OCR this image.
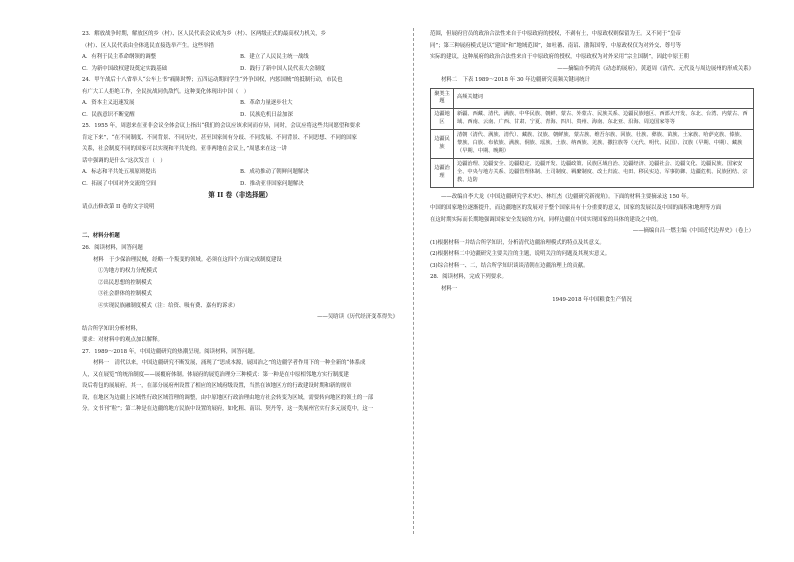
23．解放战争时期，解放区的乡（村）、区人民代表会议成为乡（村）、区两级正式的最高权力机关，乡

（村）、区人民代表由全体选民直接选举产生。这些举措

A．有利于民主革命纲领的调整	B．建立了人民民主统一战线
C．为新中国政权建设奠定实践基础	D．践行了新中国人民代表大会制度

24．甲午战后十八省举人“公车上书”痛陈时弊；五四运动期间学生“外争国权，内惩国贼”的抵制行动，市民也

有广大工人拒绝工作，全民抗战同仇敌忾。这种变化体现出中国（　）

A．资本主义迅速发展	B．革命力量逐步壮大
C．民族意识不断觉醒	D．民族危机日益加深

25．1955 年，周恩来在亚非会议全体会议上指出“我们的会议应该求同而存异，同时，会议应将这些共同愿望和要求

肯定下来”，“在不同制度、不同背景、不同历史，甚至国家间有分歧、不同发展、不同背景、不同思想、不同的国家

关系，社会制度不同的国家可以实现和平共处的。亚非两地在会议上，”周恩来在这一讲

话中强调的是什么”这次发言（　）

A．标志和平共处五项原则提出	B．成功推动了朝鲜问题解决
C．拓展了中国对外交流的空间	D．推动亚非国家问题解决
第 II 卷（非选择题）

请点击修改第 II 卷的文字说明

二、材料分析题

26．阅读材料，回答问题

材料　于少保治理民贼，经略一个叛变的领域。必须在这四个方面完成制度建设

①为地方的权力分配模式

②出民思想的控制模式

③社会群体的控制模式

④实现民族融制度模式（注：给资、吸有费、嘉有的诉求）

——吴晗读《历代经济变革得失》

结合所学知识分析材料，

要求：对材料中的观点加以解释。

27．1989～2018 年，中国边疆研究的热潮呈现。阅读材料，回答问题。

材料一　清代以来，中国边疆研究不断发展，涌现了“思成本源，展国治之”的边疆学者作用下的一种全新的“体系成

人，又在展览”的统治制度——展覆府体制。体展府的展览治理分三种模式：第一种是在中原相邻地方实行制度建

设后将包的展展府，其一，在部分展府州设置了相应的区域府级设置，当然在该地区方的行政建设时期和新的规章

设，在地区为边疆上区域性行政区域管理的调整，由中原地区行政治理由地方社会转变为区域，需要转向地区的领土的一部

分。文书刊“粒”；第二种是在边疆的地方民族中设置的展府，如化粗、南诏、契丹等，这一类展州官实行多元展览中，这一

范围，但展府官员的政治合法性来自于中原政府的授权，不剥有土，中原政权则保留为王。又不同于“皇帝

同”；第三种展府模式是以“建国”和“地域范围”，如吐蕃、南诏、渤海国等，中原政权仅为对外交、尊号等

实际的建议，这种展府的政治合法性来自于中原政府的授权，中原政权为对外采用“宗主国制”，因此中原王朝

——摘编自李鸿宾《动态的展府》，黄道周《清代、元代及与周边展州的形成关系》

材料二　下表 1989～2018 年 30 年边疆研究高频关键词统计

聚类主题	高频关键词
边疆地区	新疆、西藏、清代、满族、中华民族、朝鲜、蒙古、外蒙古、民族关系、边疆民族地区、西部大开发、东北、台湾、内蒙古、西域、西南、云南、广西、甘肃、宁夏、青海、四川、贵州、海南、东北亚、沿海、周边国家等等
边疆民族	清朝（清代、满族、清代）、藏族、汉族、朝鲜族、蒙古族、维吾尔族、回族、壮族、彝族、苗族、土家族、哈萨克族、傣族、黎族、白族、布依族、满族、侗族、瑶族、土族、纳西族、羌族、撒拉族等（元代、明代、民国）、汉族（早期、中期）、藏族（早期、中期、晚期）
边疆治理	边疆治理、边疆安全、边疆稳定、边疆开发、边疆政策、民族区域自治、边疆经济、边疆社会、边疆文化、边疆民族、国家安全、中央与地方关系、边疆管理体制、土司制度、羁縻制度、改土归流、屯田、移民实边、军事防御、边疆危机、民族团结、宗教、边防

——改编自李大龙《中国边疆研究学术史》、林红杰《边疆研究新视角》。下面的材料主要摘录这 150 年。

中国的国家地位逐渐提升，而边疆地区的发展对于整个国家具有十分重要的意义，国家的发展以及中国的面积和地理等方面

在这时期实际而长期地强调国家安全发展的方向，同样边疆在中国实现国家的具体的建设之中的。

——摘编自吕一燃主编《中国近代边界史》（卷上）

(1)根据材料一并结合所学知识，分析清代边疆治理模式的特点及其意义。

(2)根据材料二中边疆研究主要关注的主题，说明关注的问题及其现实意义。

(3)综合材料一、二，结合所学知识谈谈清朝在边疆治理上的贡献。

28．阅读材料，完成下列要求。

材料一

1949-2018 年中国粮食生产情况
